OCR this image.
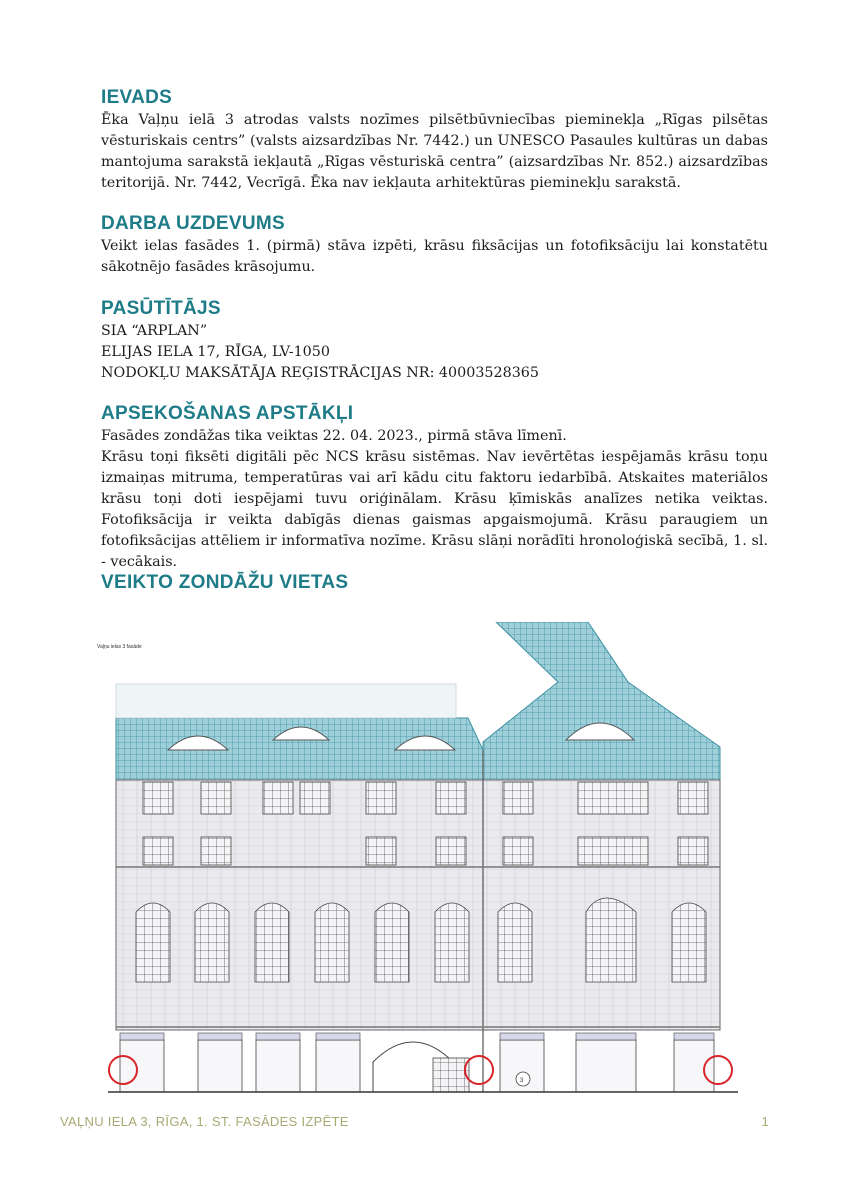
IEVADS

Ēka Vaļņu ielā 3 atrodas valsts nozīmes pilsētbūvniecības pieminekļa „Rīgas pilsētas vēsturiskais centrs” (valsts aizsardzības Nr. 7442.) un UNESCO Pasaules kultūras un dabas mantojuma sarakstā iekļautā „Rīgas vēsturiskā centra” (aizsardzības Nr. 852.) aizsardzības teritorijā. Nr. 7442, Vecrīgā. Ēka nav iekļauta arhitektūras pieminekļu sarakstā.

DARBA UZDEVUMS

Veikt ielas fasādes 1. (pirmā) stāva izpēti, krāsu fiksācijas un fotofiksāciju lai konstatētu sākotnējo fasādes krāsojumu.

PASŪTĪTĀJS

SIA “ARPLAN”

ELIJAS IELA 17, RĪGA, LV-1050

NODOKĻU MAKSĀTĀJA REĢISTRĀCIJAS NR: 40003528365

APSEKOŠANAS APSTĀKĻI

Fasādes zondāžas tika veiktas 22. 04. 2023., pirmā stāva līmenī.

Krāsu toņi fiksēti digitāli pēc NCS krāsu sistēmas. Nav ievērtētas iespējamās krāsu toņu izmaiņas mitruma, temperatūras vai arī kādu citu faktoru iedarbībā. Atskaites materiālos krāsu toņi doti iespējami tuvu oriģinālam. Krāsu ķīmiskās analīzes netika veiktas. Fotofiksācija ir veikta dabīgās dienas gaismas apgaismojumā. Krāsu paraugiem un fotofiksācijas attēliem ir informatīva nozīme. Krāsu slāņi norādīti hronoloģiskā secībā, 1. sl. - vecākais.

VEIKTO ZONDĀŽU VIETAS
Vaļņu ielas 3 fasāde
3
VAĻŅU IELA 3, RĪGA, 1. ST. FASĀDES IZPĒTE	1
